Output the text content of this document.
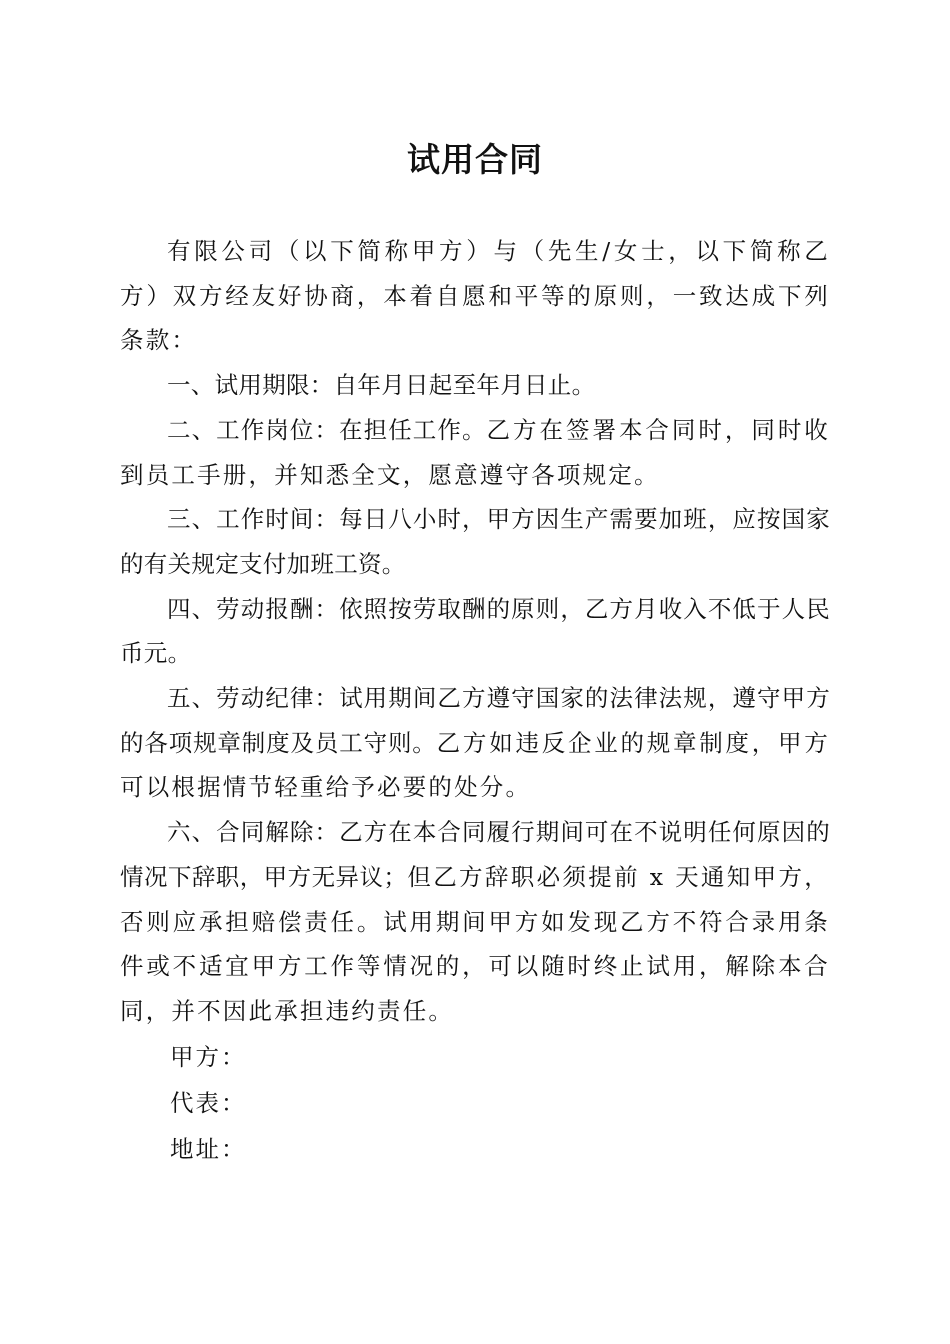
试用合同

有限公司（以下简称甲方）与（先生/女士，以下简称乙方）双方经友好协商，本着自愿和平等的原则，一致达成下列条款：

一、试用期限：自年月日起至年月日止。

二、工作岗位：在担任工作。乙方在签署本合同时，同时收到员工手册，并知悉全文，愿意遵守各项规定。

三、工作时间：每日八小时，甲方因生产需要加班，应按国家的有关规定支付加班工资。

四、劳动报酬：依照按劳取酬的原则，乙方月收入不低于人民币元。

五、劳动纪律：试用期间乙方遵守国家的法律法规，遵守甲方的各项规章制度及员工守则。乙方如违反企业的规章制度，甲方可以根据情节轻重给予必要的处分。

六、合同解除：乙方在本合同履行期间可在不说明任何原因的情况下辞职，甲方无异议；但乙方辞职必须提前 x 天通知甲方，否则应承担赔偿责任。试用期间甲方如发现乙方不符合录用条件或不适宜甲方工作等情况的，可以随时终止试用，解除本合同，并不因此承担违约责任。

甲方：

代表：

地址：
